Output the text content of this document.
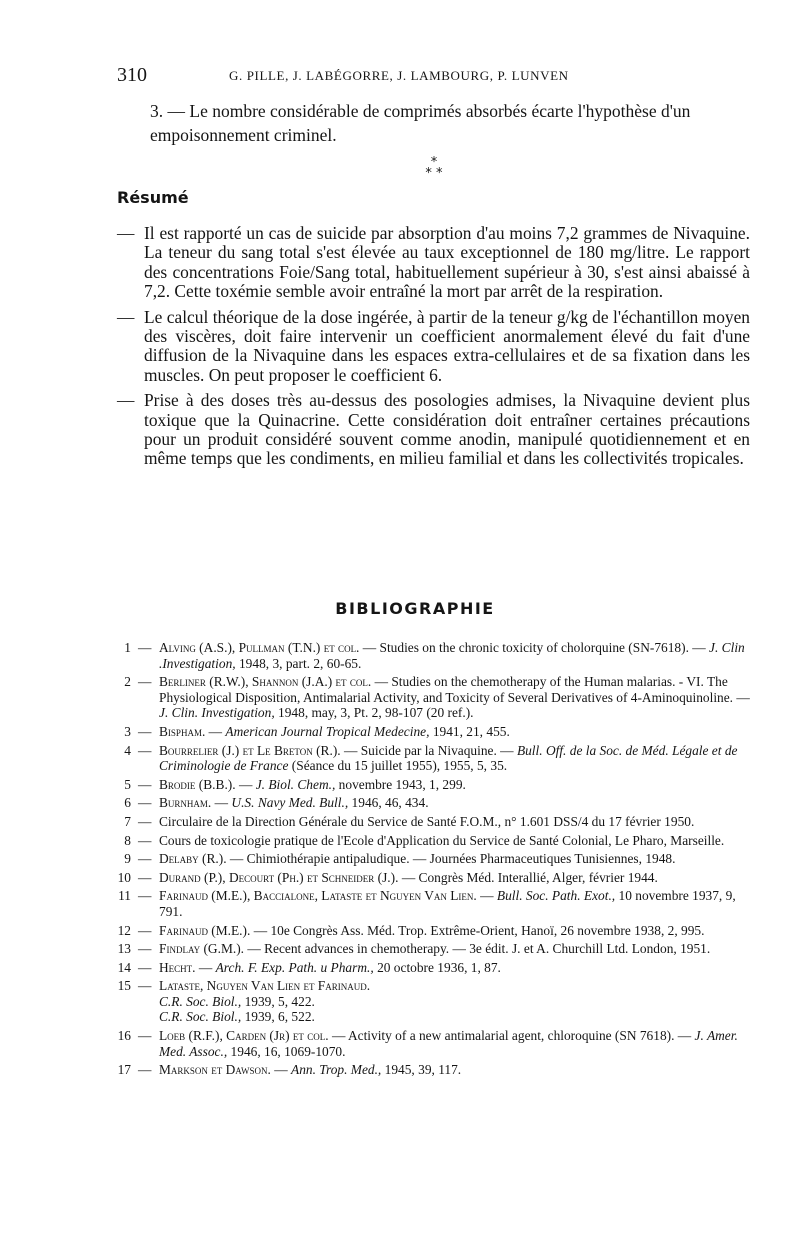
310	G. PILLE, J. LABÉGORRE, J. LAMBOURG, P. LUNVEN
3. — Le nombre considérable de comprimés absorbés écarte l'hypothèse d'un empoisonnement criminel.
*
* *
Résumé

— Il est rapporté un cas de suicide par absorption d'au moins 7,2 grammes de Nivaquine. La teneur du sang total s'est élevée au taux exceptionnel de 180 mg/litre. Le rapport des concentrations Foie/Sang total, habituellement supérieur à 30, s'est ainsi abaissé à 7,2. Cette toxémie semble avoir entraîné la mort par arrêt de la respiration.

— Le calcul théorique de la dose ingérée, à partir de la teneur g/kg de l'échantillon moyen des viscères, doit faire intervenir un coefficient anormalement élevé du fait d'une diffusion de la Nivaquine dans les espaces extra-cellulaires et de sa fixation dans les muscles. On peut proposer le coefficient 6.

— Prise à des doses très au-dessus des posologies admises, la Nivaquine devient plus toxique que la Quinacrine. Cette considération doit entraîner certaines précautions pour un produit considéré souvent comme anodin, manipulé quotidiennement et en même temps que les condiments, en milieu familial et dans les collectivités tropicales.

BIBLIOGRAPHIE
1 — Alving (A.S.), Pullman (T.N.) et col. — Studies on the chronic toxicity of cholorquine (SN-7618). — J. Clin .Investigation, 1948, 3, part. 2, 60-65.
2 — Berliner (R.W.), Shannon (J.A.) et col. — Studies on the chemotherapy of the Human malarias. - VI. The Physiological Disposition, Antimalarial Activity, and Toxicity of Several Derivatives of 4-Aminoquinoline. — J. Clin. Investigation, 1948, may, 3, Pt. 2, 98-107 (20 ref.).
3 — Bispham. — American Journal Tropical Medecine, 1941, 21, 455.
4 — Bourrelier (J.) et Le Breton (R.). — Suicide par la Nivaquine. — Bull. Off. de la Soc. de Méd. Légale et de Criminologie de France (Séance du 15 juillet 1955), 1955, 5, 35.
5 — Brodie (B.B.). — J. Biol. Chem., novembre 1943, 1, 299.
6 — Burnham. — U.S. Navy Med. Bull., 1946, 46, 434.
7 — Circulaire de la Direction Générale du Service de Santé F.O.M., n° 1.601 DSS/4 du 17 février 1950.
8 — Cours de toxicologie pratique de l'Ecole d'Application du Service de Santé Colonial, Le Pharo, Marseille.
9 — Delaby (R.). — Chimiothérapie antipaludique. — Journées Pharmaceutiques Tunisiennes, 1948.
10 — Durand (P.), Decourt (Ph.) et Schneider (J.). — Congrès Méd. Interallié, Alger, février 1944.
11 — Farinaud (M.E.), Baccialone, Lataste et Nguyen Van Lien. — Bull. Soc. Path. Exot., 10 novembre 1937, 9, 791.
12 — Farinaud (M.E.). — 10e Congrès Ass. Méd. Trop. Extrême-Orient, Hanoï, 26 novembre 1938, 2, 995.
13 — Findlay (G.M.). — Recent advances in chemotherapy. — 3e édit. J. et A. Churchill Ltd. London, 1951.
14 — Hecht. — Arch. F. Exp. Path. u Pharm., 20 octobre 1936, 1, 87.
15 — Lataste, Nguyen Van Lien et Farinaud.
C.R. Soc. Biol., 1939, 5, 422.
C.R. Soc. Biol., 1939, 6, 522.
16 — Loeb (R.F.), Carden (Jr) et col. — Activity of a new antimalarial agent, chloroquine (SN 7618). — J. Amer. Med. Assoc., 1946, 16, 1069-1070.
17 — Markson et Dawson. — Ann. Trop. Med., 1945, 39, 117.
